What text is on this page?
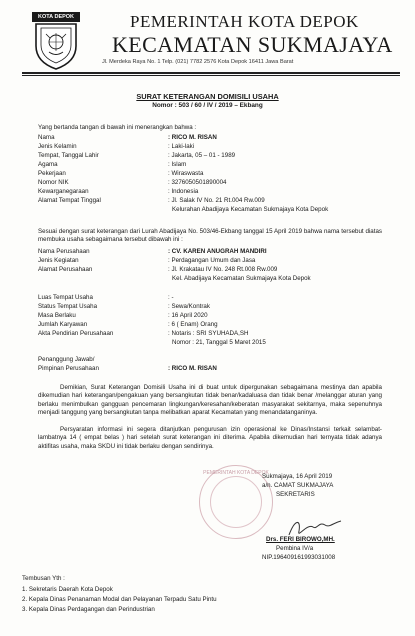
KOTA DEPOK	PEMERINTAH KOTA DEPOK
KECAMATAN SUKMAJAYA
Jl. Merdeka Raya No. 1 Telp. (021) 7782 2576 Kota Depok 16411 Jawa Barat
SURAT KETERANGAN DOMISILI USAHA
Nomor : 503 / 60 / IV / 2019 – Ekbang
Yang bertanda tangan di bawah ini menerangkan bahwa :
Nama	: RICO M. RISAN
Jenis Kelamin	: Laki-laki
Tempat, Tanggal Lahir	: Jakarta, 05 – 01 - 1989
Agama	: Islam
Pekerjaan	: Wiraswasta
Nomor NIK	: 3276050501890004
Kewarganegaraan	: Indonesia
Alamat Tempat Tinggal	: Jl. Salak IV No. 21 Rt.004 Rw.009
Kelurahan Abadijaya Kecamatan Sukmajaya Kota Depok
Sesuai dengan surat keterangan dari Lurah Abadijaya No. 503/46-Ekbang tanggal 15 April 2019 bahwa nama tersebut diatas membuka usaha sebagaimana tersebut dibawah ini :
Nama Perusahaan	: CV. KAREN ANUGRAH MANDIRI
Jenis Kegiatan	: Perdagangan Umum dan Jasa
Alamat Perusahaan	: Jl. Krakatau IV No. 248 Rt.008 Rw.009
Kel. Abadijaya Kecamatan Sukmajaya Kota Depok
Luas Tempat Usaha	: -
Status Tempat Usaha	: Sewa/Kontrak
Masa Berlaku	: 16 April 2020
Jumlah Karyawan	: 6 ( Enam) Orang
Akta Pendirian Perusahaan	: Notaris : SRI SYUHADA,SH
Nomor : 21, Tanggal 5 Maret 2015
Penanggung Jawab/
Pimpinan Perusahaan	: RICO M. RISAN
Demikian, Surat Keterangan Domisili Usaha ini di buat untuk dipergunakan sebagaimana mestinya dan apabila dikemudian hari keterangan/pengakuan yang bersangkutan tidak benar/kadaluasa dan tidak benar /melanggar aturan yang berlaku menimbulkan gangguan pencemaran lingkungan/keresahan/keberatan masyarakat sekitarnya, maka sepenuhnya menjadi tanggung yang bersangkutan tanpa melibatkan aparat Kecamatan yang menandatanganinya.
Persyaratan informasi ini segera ditanjutkan pengurusan izin operasional ke Dinas/Instansi terkait selambat-lambatnya 14 ( empat belas ) hari setelah surat keterangan ini diterima. Apabila dikemudian hari ternyata tidak adanya aktifitas usaha, maka SKDU ini tidak berlaku dengan sendirinya.
PEMERINTAH KOTA DEPOK
Sukmajaya, 16 April 2019
a/n. CAMAT SUKMAJAYA
SEKRETARIS
Drs. FERI BIROWO,MH.
Pembina IV/a
NIP.196409161993031008
Tembusan Yth :
1. Sekretaris Daerah Kota Depok
2. Kepala Dinas Penanaman Modal dan Pelayanan Terpadu Satu Pintu
3. Kepala Dinas Perdagangan dan Perindustrian
